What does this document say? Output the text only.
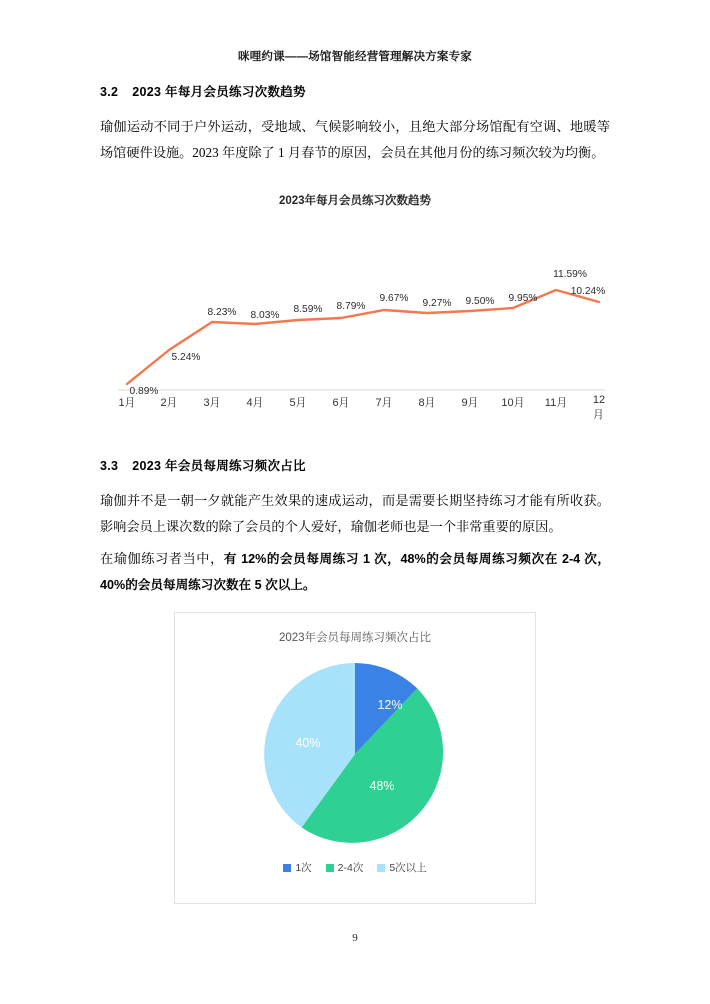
咪哩约课——场馆智能经营管理解决方案专家
3.2 2023 年每月会员练习次数趋势

瑜伽运动不同于户外运动，受地域、气候影响较小，且绝大部分场馆配有空调、地暖等场馆硬件设施。2023 年度除了 1 月春节的原因，会员在其他月份的练习频次较为均衡。

2023年每月会员练习次数趋势
1月 2月 3月 4月 5月 6月 7月 8月 9月 10月 11月 12月
0.89%
5.24%
8.23% 8.03%
8.59% 8.79%
9.67% 9.27% 9.50% 9.95%
11.59%
10.24%
3.3 2023 年会员每周练习频次占比

瑜伽并不是一朝一夕就能产生效果的速成运动，而是需要长期坚持练习才能有所收获。影响会员上课次数的除了会员的个人爱好，瑜伽老师也是一个非常重要的原因。

在瑜伽练习者当中，有 12%的会员每周练习 1 次，48%的会员每周练习频次在 2-4 次，40%的会员每周练习次数在 5 次以上。

2023年会员每周练习频次占比
12%
48%
40%
1次 2-4次 5次以上
9
